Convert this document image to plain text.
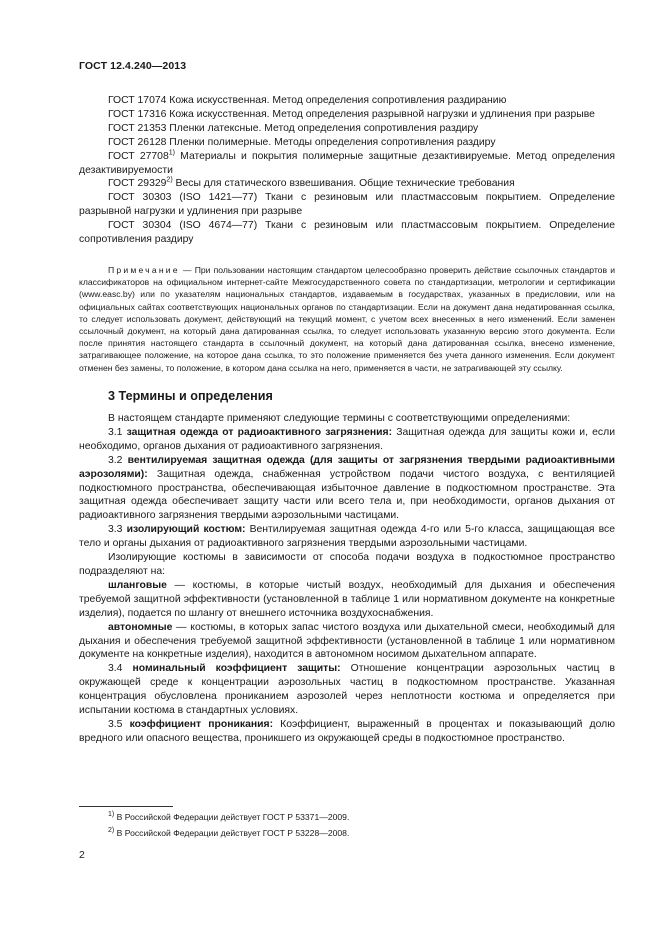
ГОСТ 12.4.240—2013

ГОСТ 17074 Кожа искусственная. Метод определения сопротивления раздиранию

ГОСТ 17316 Кожа искусственная. Метод определения разрывной нагрузки и удлинения при разрыве

ГОСТ 21353 Пленки латексные. Метод определения сопротивления раздиру

ГОСТ 26128 Пленки полимерные. Методы определения сопротивления раздиру

ГОСТ 27708$^{1)}$ Материалы и покрытия полимерные защитные дезактивируемые. Метод определения дезактивируемости

ГОСТ 29329$^{2)}$ Весы для статического взвешивания. Общие технические требования

ГОСТ 30303 (ISO 1421—77) Ткани с резиновым или пластмассовым покрытием. Определение разрывной нагрузки и удлинения при разрыве

ГОСТ 30304 (ISO 4674—77) Ткани с резиновым или пластмассовым покрытием. Определение сопротивления раздиру

Примечание — При пользовании настоящим стандартом целесообразно проверить действие ссылочных стандартов и классификаторов на официальном интернет-сайте Межгосударственного совета по стандартизации, метрологии и сертификации (www.easc.by) или по указателям национальных стандартов, издаваемым в государствах, указанных в предисловии, или на официальных сайтах соответствующих национальных органов по стандартизации. Если на документ дана недатированная ссылка, то следует использовать документ, действующий на текущий момент, с учетом всех внесенных в него изменений. Если заменен ссылочный документ, на который дана датированная ссылка, то следует использовать указанную версию этого документа. Если после принятия настоящего стандарта в ссылочный документ, на который дана датированная ссылка, внесено изменение, затрагивающее положение, на которое дана ссылка, то это положение применяется без учета данного изменения. Если документ отменен без замены, то положение, в котором дана ссылка на него, применяется в части, не затрагивающей эту ссылку.

3 Термины и определения

В настоящем стандарте применяют следующие термины с соответствующими определениями:

3.1 защитная одежда от радиоактивного загрязнения: Защитная одежда для защиты кожи и, если необходимо, органов дыхания от радиоактивного загрязнения.

3.2 вентилируемая защитная одежда (для защиты от загрязнения твердыми радиоактивными аэрозолями): Защитная одежда, снабженная устройством подачи чистого воздуха, с вентиляцией подкостюмного пространства, обеспечивающая избыточное давление в подкостюмном пространстве. Эта защитная одежда обеспечивает защиту части или всего тела и, при необходимости, органов дыхания от радиоактивного загрязнения твердыми аэрозольными частицами.

3.3 изолирующий костюм: Вентилируемая защитная одежда 4-го или 5-го класса, защищающая все тело и органы дыхания от радиоактивного загрязнения твердыми аэрозольными частицами.

Изолирующие костюмы в зависимости от способа подачи воздуха в подкостюмное пространство подразделяют на:

шланговые — костюмы, в которые чистый воздух, необходимый для дыхания и обеспечения требуемой защитной эффективности (установленной в таблице 1 или нормативном документе на конкретные изделия), подается по шлангу от внешнего источника воздухоснабжения.

автономные — костюмы, в которых запас чистого воздуха или дыхательной смеси, необходимый для дыхания и обеспечения требуемой защитной эффективности (установленной в таблице 1 или нормативном документе на конкретные изделия), находится в автономном носимом дыхательном аппарате.

3.4 номинальный коэффициент защиты: Отношение концентрации аэрозольных частиц в окружающей среде к концентрации аэрозольных частиц в подкостюмном пространстве. Указанная концентрация обусловлена прониканием аэрозолей через неплотности костюма и определяется при испытании костюма в стандартных условиях.

3.5 коэффициент проникания: Коэффициент, выраженный в процентах и показывающий долю вредного или опасного вещества, проникшего из окружающей среды в подкостюмное пространство.

$^{1)}$ В Российской Федерации действует ГОСТ Р 53371—2009.
$^{2)}$ В Российской Федерации действует ГОСТ Р 53228—2008.
2
